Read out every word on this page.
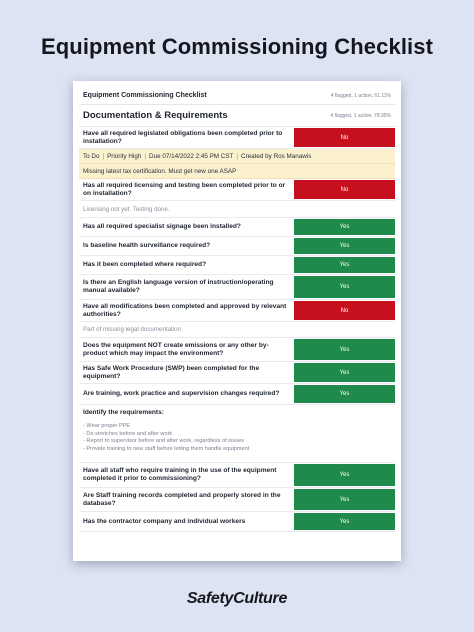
Equipment Commissioning Checklist
Equipment Commissioning Checklist	4 flagged, 1 action, 61.11%
Documentation & Requirements	4 flagged, 1 action, 78.95%
Have all required legislated obligations been completed prior to installation?	No
To Do | Priority High | Due 07/14/2022 2:45 PM CST | Created by Ros Manawis
Missing latest tax certification. Must get new one ASAP
Has all required licensing and testing been completed prior to or on installation?	No
Licensing not yet. Testing done.
Has all required specialist signage been installed?	Yes
Is baseline health surveillance required?	Yes
Has it been completed where required?	Yes
Is there an English language version of instruction/operating manual available?	Yes
Have all modifications been completed and approved by relevant authorities?	No
Part of missing legal documentation
Does the equipment NOT create emissions or any other by-product which may impact the environment?	Yes
Has Safe Work Procedure (SWP) been completed for the equipment?	Yes
Are training, work practice and supervision changes required?	Yes
Identify the requirements:
- Wear proper PPE
- Do stretches before and after work
- Report to supervisor before and after work, regardless of issues
- Provide training to new staff before letting them handle equipment
Have all staff who require training in the use of the equipment completed it prior to commissioning?	Yes
Are Staff training records completed and properly stored in the database?	Yes
Has the contractor company and individual workers	Yes
SafetyCulture
